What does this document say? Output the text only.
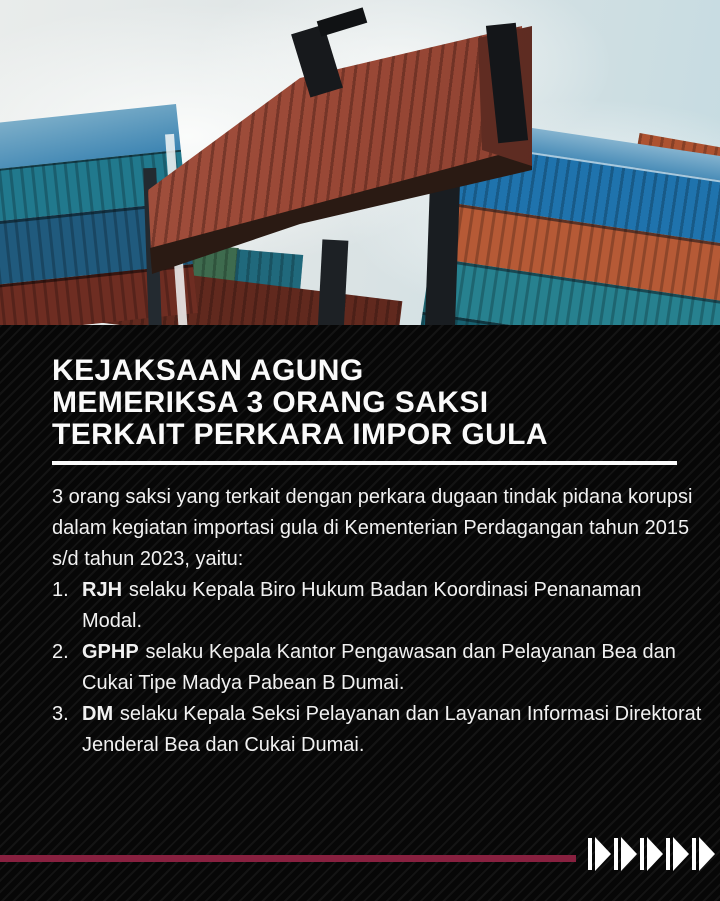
KEJAKSAAN AGUNG
MEMERIKSA 3 ORANG SAKSI
TERKAIT PERKARA IMPOR GULA

3 orang saksi yang terkait dengan perkara dugaan tindak pidana korupsi dalam kegiatan importasi gula di Kementerian Perdagangan tahun 2015 s/d tahun 2023, yaitu:

1. RJH selaku Kepala Biro Hukum Badan Koordinasi Penanaman Modal.
2. GPHP selaku Kepala Kantor Pengawasan dan Pelayanan Bea dan Cukai Tipe Madya Pabean B Dumai.
3. DM selaku Kepala Seksi Pelayanan dan Layanan Informasi Direktorat Jenderal Bea dan Cukai Dumai.
